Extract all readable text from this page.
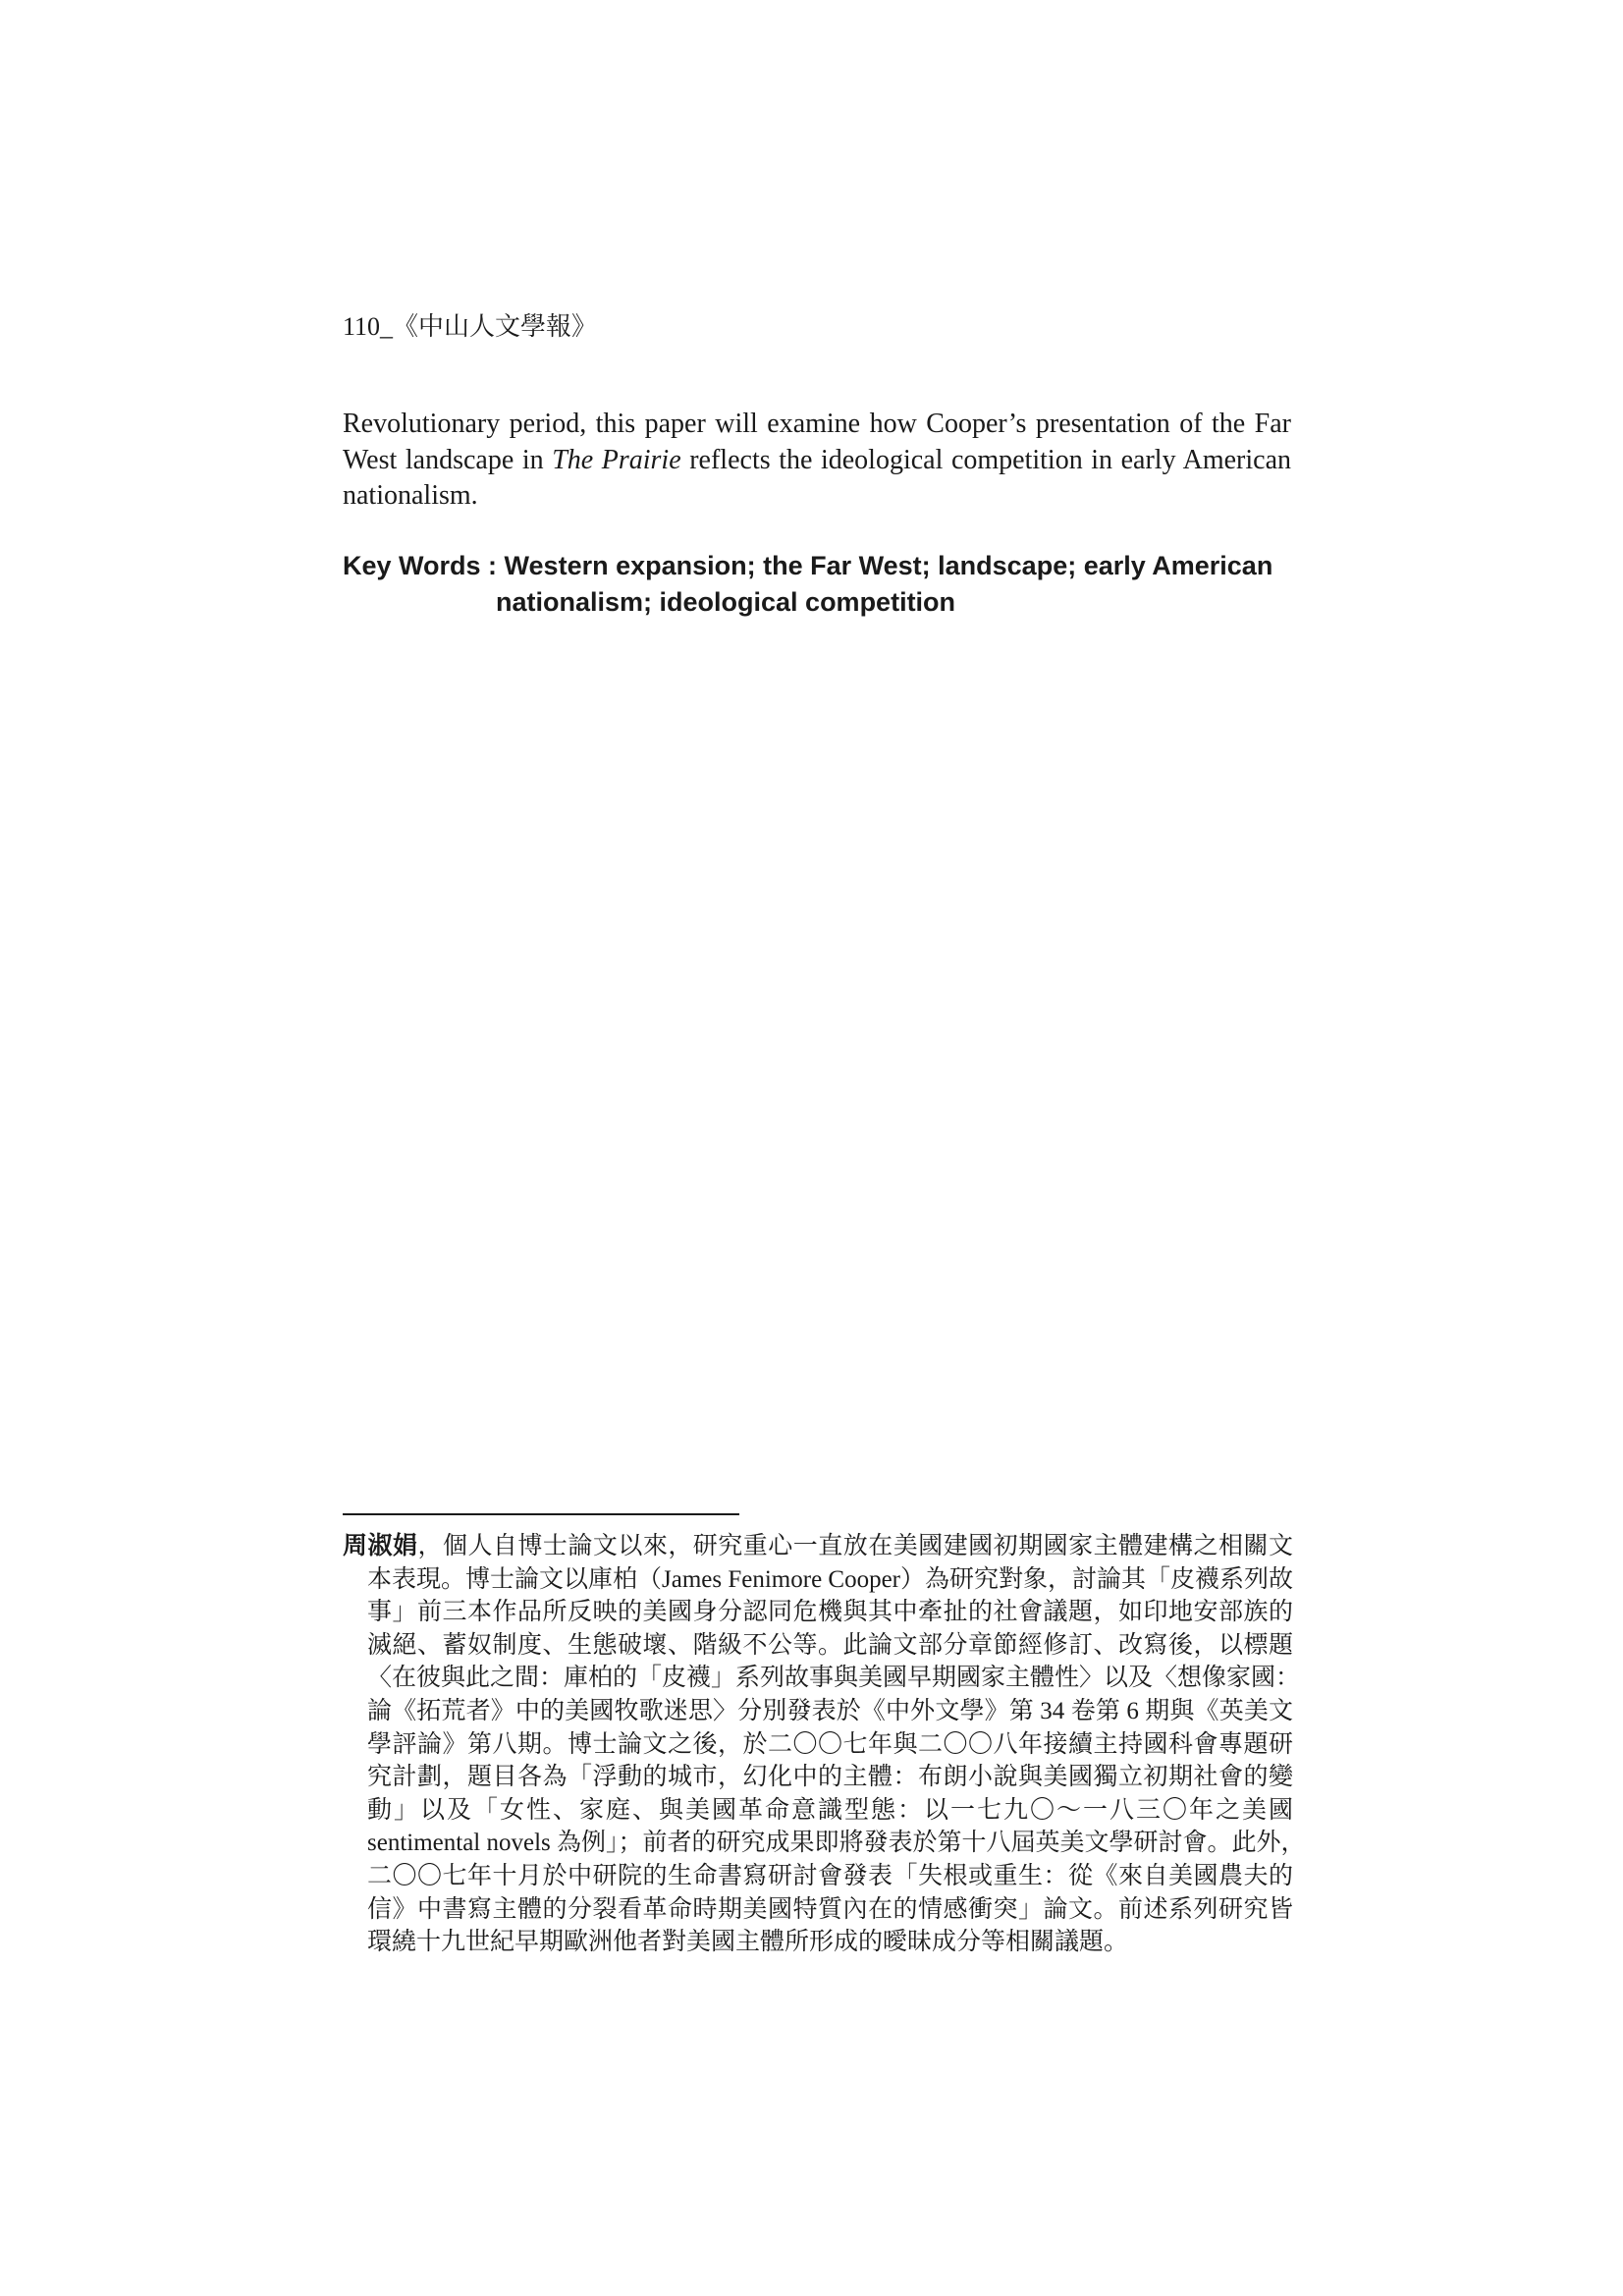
110_《中山人文學報》

Revolutionary period, this paper will examine how Cooper’s presentation of the Far West landscape in The Prairie reflects the ideological competition in early American nationalism.

Key Words : Western expansion; the Far West; landscape; early American
nationalism; ideological competition
周淑娟，個人自博士論文以來，研究重心一直放在美國建國初期國家主體建構之相關文
本表現。博士論文以庫柏（James Fenimore Cooper）為研究對象，討論其「皮襪系列故
事」前三本作品所反映的美國身分認同危機與其中牽扯的社會議題，如印地安部族的
滅絕、蓄奴制度、生態破壞、階級不公等。此論文部分章節經修訂、改寫後，以標題
〈在彼與此之間：庫柏的「皮襪」系列故事與美國早期國家主體性〉以及〈想像家國：
論《拓荒者》中的美國牧歌迷思〉分別發表於《中外文學》第 34 卷第 6 期與《英美文
學評論》第八期。博士論文之後，於二〇〇七年與二〇〇八年接續主持國科會專題研
究計劃，題目各為「浮動的城市，幻化中的主體：布朗小說與美國獨立初期社會的變
動」以及「女性、家庭、與美國革命意識型態：以一七九〇～一八三〇年之美國
sentimental novels 為例」；前者的研究成果即將發表於第十八屆英美文學研討會。此外，
二〇〇七年十月於中研院的生命書寫研討會發表「失根或重生：從《來自美國農夫的
信》中書寫主體的分裂看革命時期美國特質內在的情感衝突」論文。前述系列研究皆
環繞十九世紀早期歐洲他者對美國主體所形成的曖昧成分等相關議題。
